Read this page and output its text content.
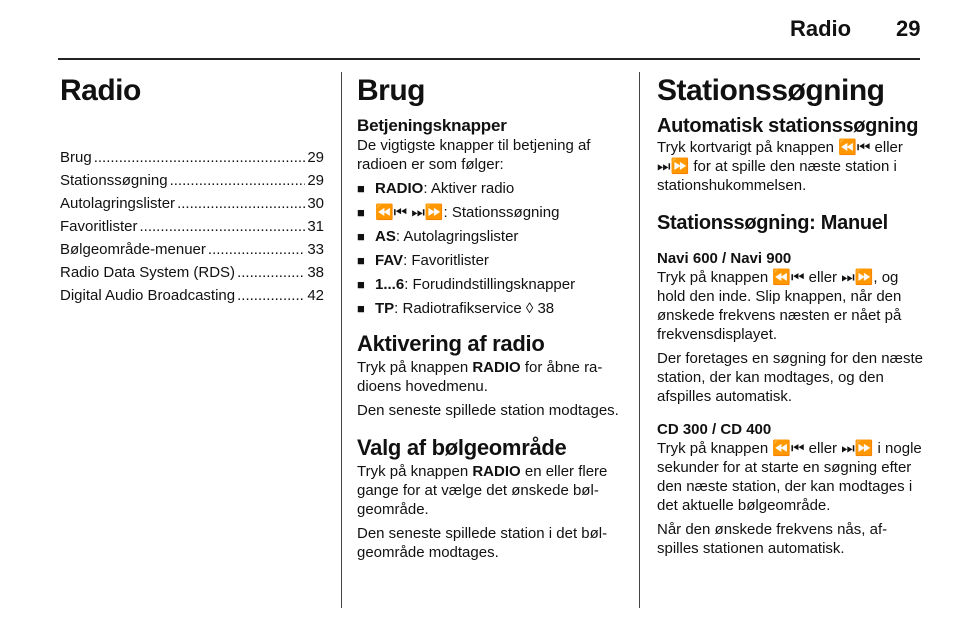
Radio 29
Radio
Brug .....	29
Stationssøgning .....	29
Autolagringslister .....	30
Favoritlister .....	31
Bølgeområde-menuer .....	33
Radio Data System (RDS) .....	38
Digital Audio Broadcasting .....	42
Brug
Betjeningsknapper

De vigtigste knapper til betjening af radioen er som følger:

■
RADIO: Aktiver radio
■
⏪⏮ ⏭⏩: Stationssøgning
■
AS: Autolagringslister
■
FAV: Favoritlister
■
1...6: Forudindstillingsknapper
■
TP: Radiotrafikservice ◊ 38
Aktivering af radio

Tryk på knappen RADIO for åbne radioens hovedmenu.

Den seneste spillede station modtages.

Valg af bølgeområde

Tryk på knappen RADIO en eller flere gange for at vælge det ønskede bølgeområde.

Den seneste spillede station i det bølgeområde modtages.

Stationssøgning
Automatisk stationssøgning

Tryk kortvarigt på knappen ⏪⏮ eller ⏭⏩ for at spille den næste station i stationshukommelsen.

Stationssøgning: Manuel
Navi 600 / Navi 900

Tryk på knappen ⏪⏮ eller ⏭⏩, og hold den inde. Slip knappen, når den ønskede frekvens næsten er nået på frekvensdisplayet.

Der foretages en søgning for den næste station, der kan modtages, og den afspilles automatisk.

CD 300 / CD 400

Tryk på knappen ⏪⏮ eller ⏭⏩ i nogle sekunder for at starte en søgning efter den næste station, der kan modtages i det aktuelle bølgeområde.

Når den ønskede frekvens nås, afspilles stationen automatisk.
